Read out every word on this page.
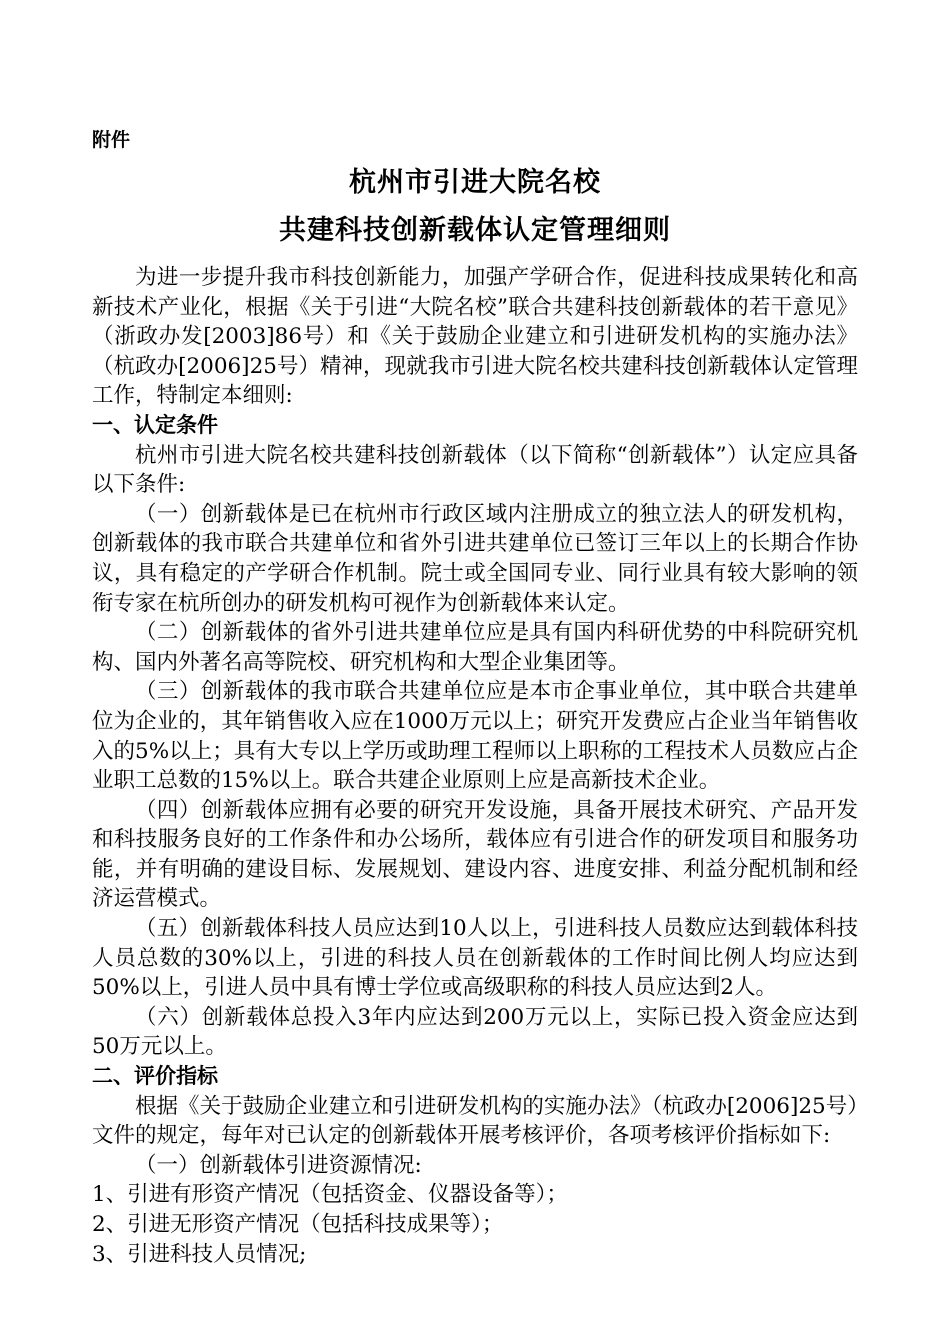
附件
杭州市引进大院名校
共建科技创新载体认定管理细则

为进一步提升我市科技创新能力，加强产学研合作，促进科技成果转化和高新技术产业化，根据《关于引进“大院名校”联合共建科技创新载体的若干意见》（浙政办发[2003]86号）和《关于鼓励企业建立和引进研发机构的实施办法》（杭政办[2006]25号）精神，现就我市引进大院名校共建科技创新载体认定管理工作，特制定本细则:

一、认定条件

杭州市引进大院名校共建科技创新载体（以下简称“创新载体”）认定应具备以下条件:

（一）创新载体是已在杭州市行政区域内注册成立的独立法人的研发机构，创新载体的我市联合共建单位和省外引进共建单位已签订三年以上的长期合作协议，具有稳定的产学研合作机制。院士或全国同专业、同行业具有较大影响的领衔专家在杭所创办的研发机构可视作为创新载体来认定。

（二）创新载体的省外引进共建单位应是具有国内科研优势的中科院研究机构、国内外著名高等院校、研究机构和大型企业集团等。

（三）创新载体的我市联合共建单位应是本市企事业单位，其中联合共建单位为企业的，其年销售收入应在1000万元以上；研究开发费应占企业当年销售收入的5%以上；具有大专以上学历或助理工程师以上职称的工程技术人员数应占企业职工总数的15%以上。联合共建企业原则上应是高新技术企业。

（四）创新载体应拥有必要的研究开发设施，具备开展技术研究、产品开发和科技服务良好的工作条件和办公场所，载体应有引进合作的研发项目和服务功能，并有明确的建设目标、发展规划、建设内容、进度安排、利益分配机制和经济运营模式。

（五）创新载体科技人员应达到10人以上，引进科技人员数应达到载体科技人员总数的30%以上，引进的科技人员在创新载体的工作时间比例人均应达到50%以上，引进人员中具有博士学位或高级职称的科技人员应达到2人。

（六）创新载体总投入3年内应达到200万元以上，实际已投入资金应达到50万元以上。

二、评价指标

根据《关于鼓励企业建立和引进研发机构的实施办法》（杭政办[2006]25号）文件的规定，每年对已认定的创新载体开展考核评价，各项考核评价指标如下:

（一）创新载体引进资源情况:

1、引进有形资产情况（包括资金、仪器设备等）；

2、引进无形资产情况（包括科技成果等）；

3、引进科技人员情况;
